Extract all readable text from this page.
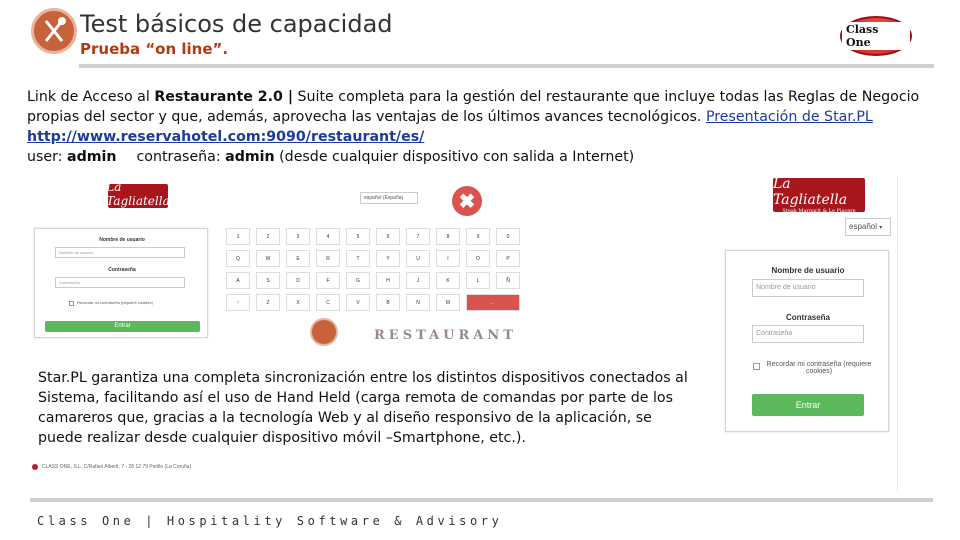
Test básicos de capacidad
Prueba “on line”.
Class One
Link de Acceso al Restaurante 2.0 | Suite completa para la gestión del restaurante que incluye todas las Reglas de Negocio propias del sector y que, además, aprovecha las ventajas de los últimos avances tecnológicos. Presentación de Star.PL
http://www.reservahotel.com:9090/restaurant/es/
user: admin contraseña: admin (desde cualquier dispositivo con salida a Internet)
La Tagliatella
Steak Margarit & Le Piacere
Nombre de usuario
Nombre de usuario
Contraseña
Contraseña
Recordar mi contraseña (requiere cookies)
Entrar
español (España)
1	2	3	4	5	6	7	8	9	0
Q	W	E	R	T	Y	U	I	O	P
A	S	D	F	G	H	J	K	L	Ñ
↑	Z	X	C	V	B	N	M	←
RESTAURANT
✖
La Tagliatella
Steak Margarit & Le Piacere
español ▾
Nombre de usuario
Nombre de usuario
Contraseña
Contraseña
Recordar mi contraseña (requiere cookies)
Entrar
Star.PL garantiza una completa sincronización entre los distintos dispositivos conectados al Sistema, facilitando así el uso de Hand Held (carga remota de comandas por parte de los camareros que, gracias a la tecnología Web y al diseño responsivo de la aplicación, se puede realizar desde cualquier dispositivo móvil –Smartphone, etc.).
CLASS ONE, S.L. C/Rafael Alberti, 7 - 28 12 79 Perillo (La Coruña)
Class One | Hospitality Software & Advisory
